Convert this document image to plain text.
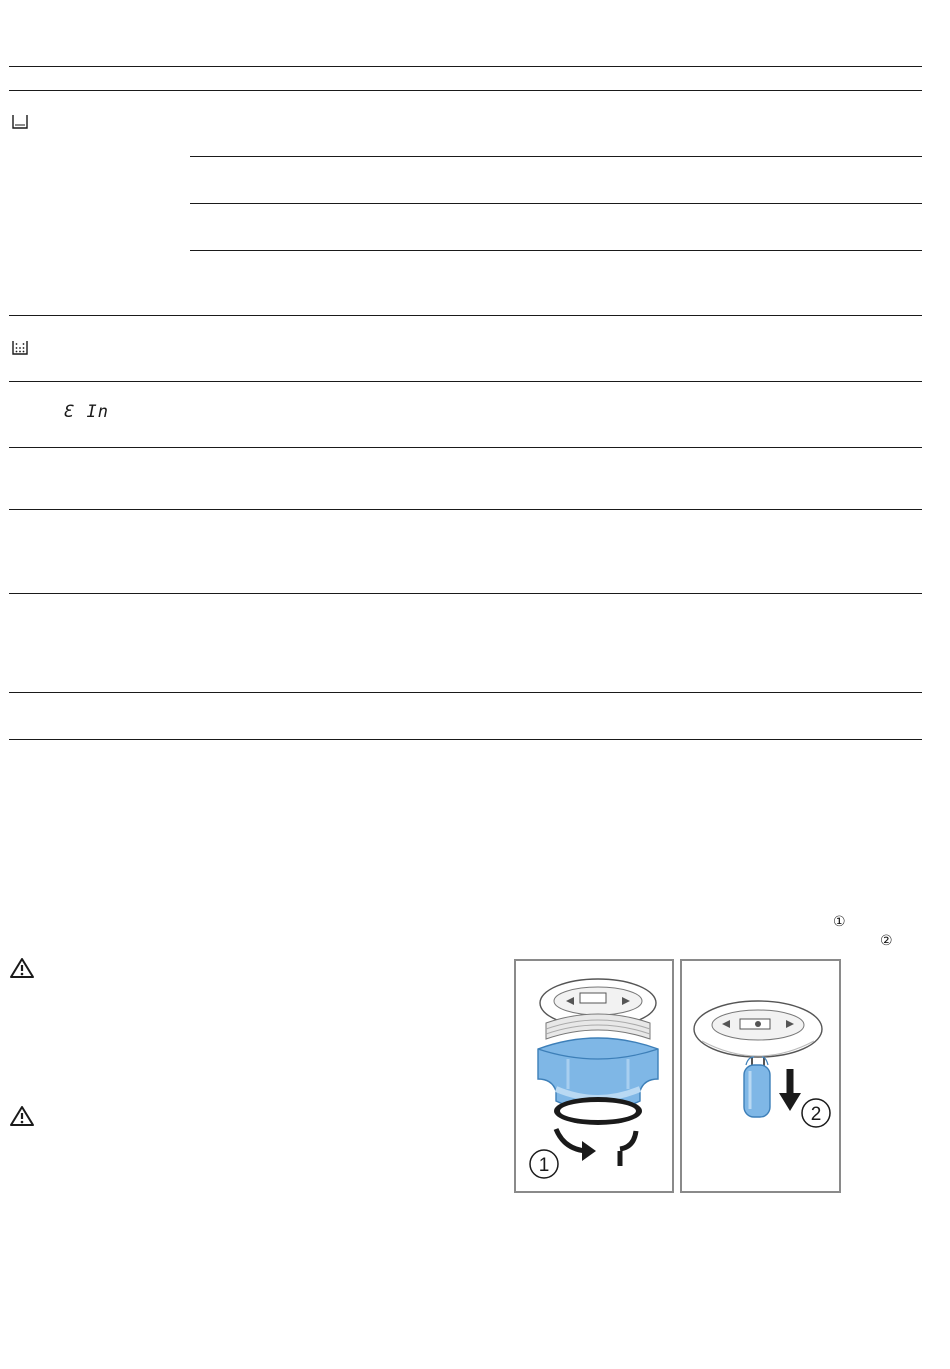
Ɛ In
①
②
1
2
